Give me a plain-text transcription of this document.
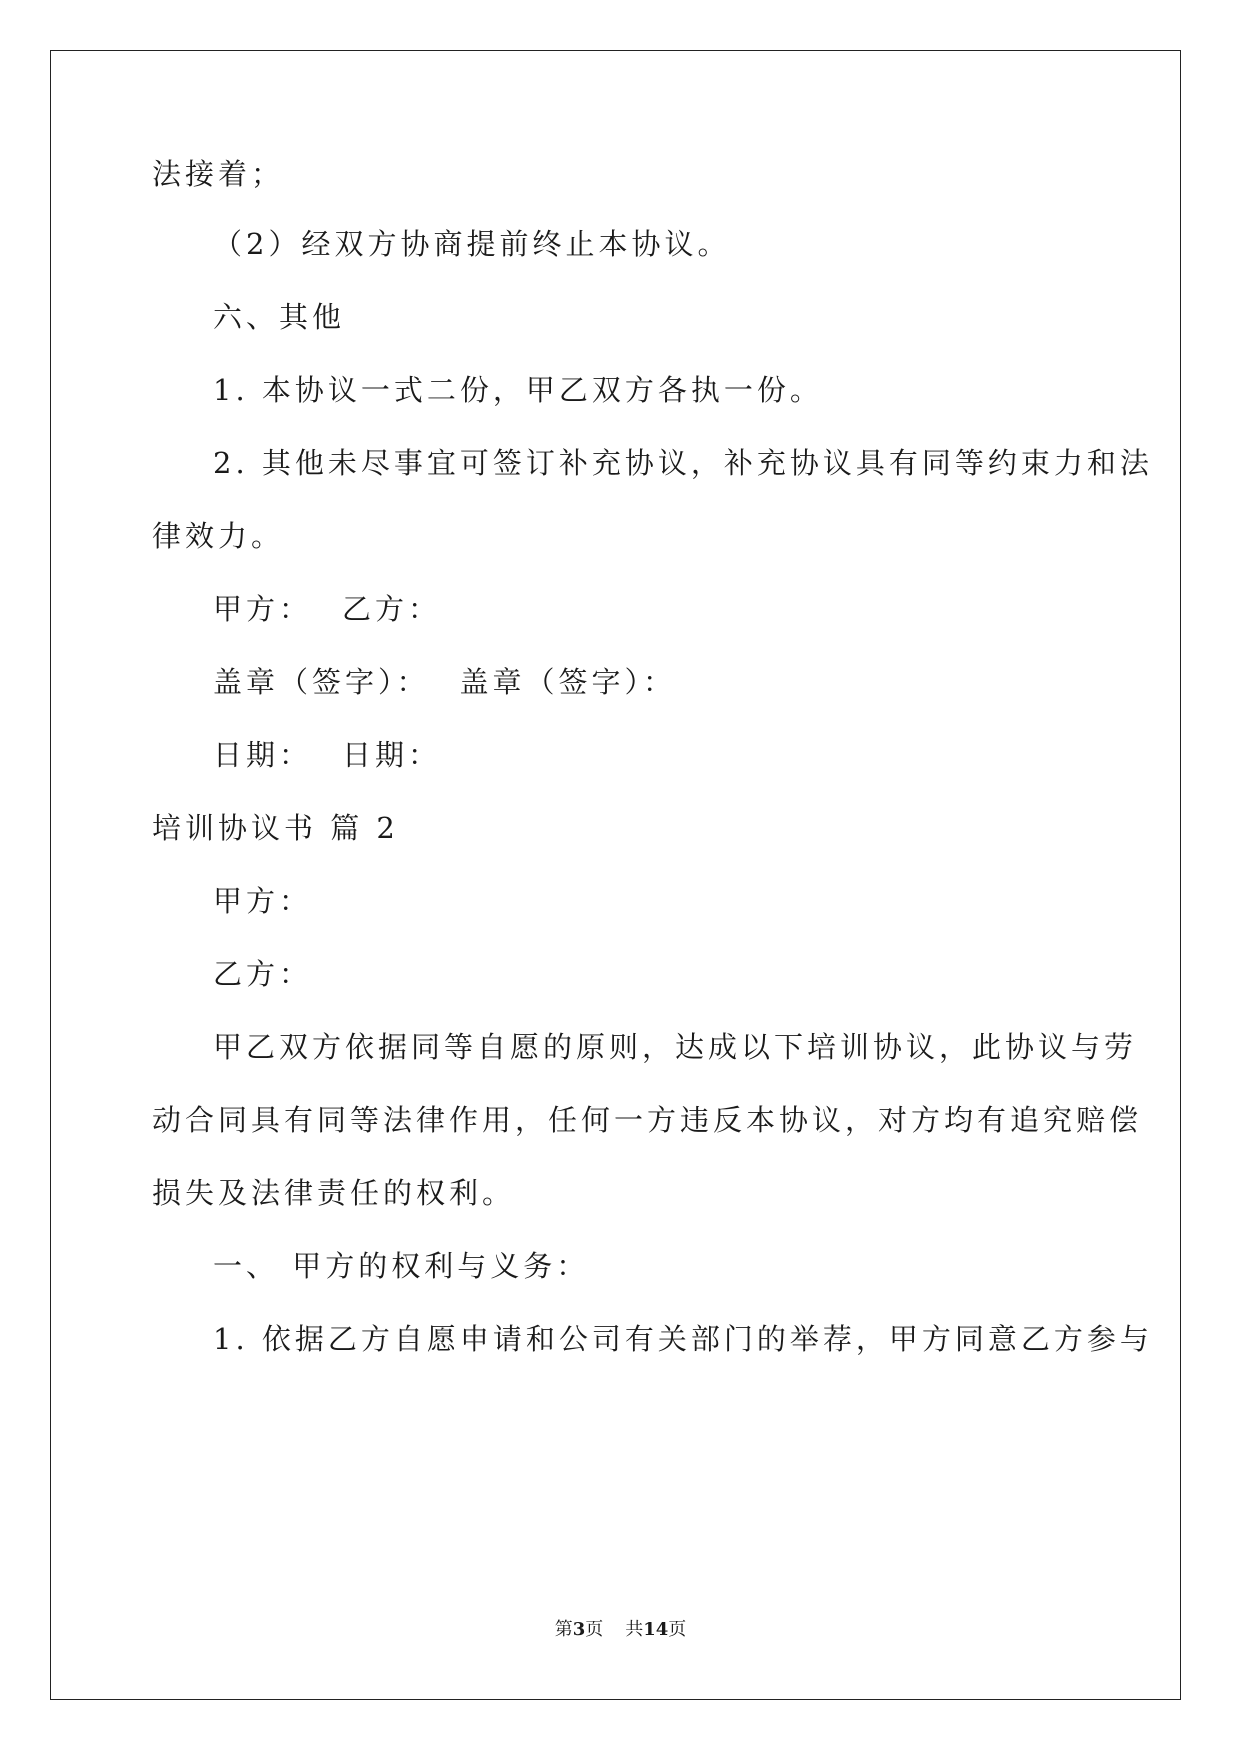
法接着；
（2）经双方协商提前终止本协议。
六、其他
1. 本协议一式二份，甲乙双方各执一份。
2. 其他未尽事宜可签订补充协议，补充协议具有同等约束力和法
律效力。
甲方： 乙方：
盖章（签字）： 盖章（签字）：
日期： 日期：
培训协议书 篇 2
甲方：
乙方：
甲乙双方依据同等自愿的原则，达成以下培训协议，此协议与劳
动合同具有同等法律作用，任何一方违反本协议，对方均有追究赔偿
损失及法律责任的权利。
一、 甲方的权利与义务：
1. 依据乙方自愿申请和公司有关部门的举荐，甲方同意乙方参与
第3页 共14页
